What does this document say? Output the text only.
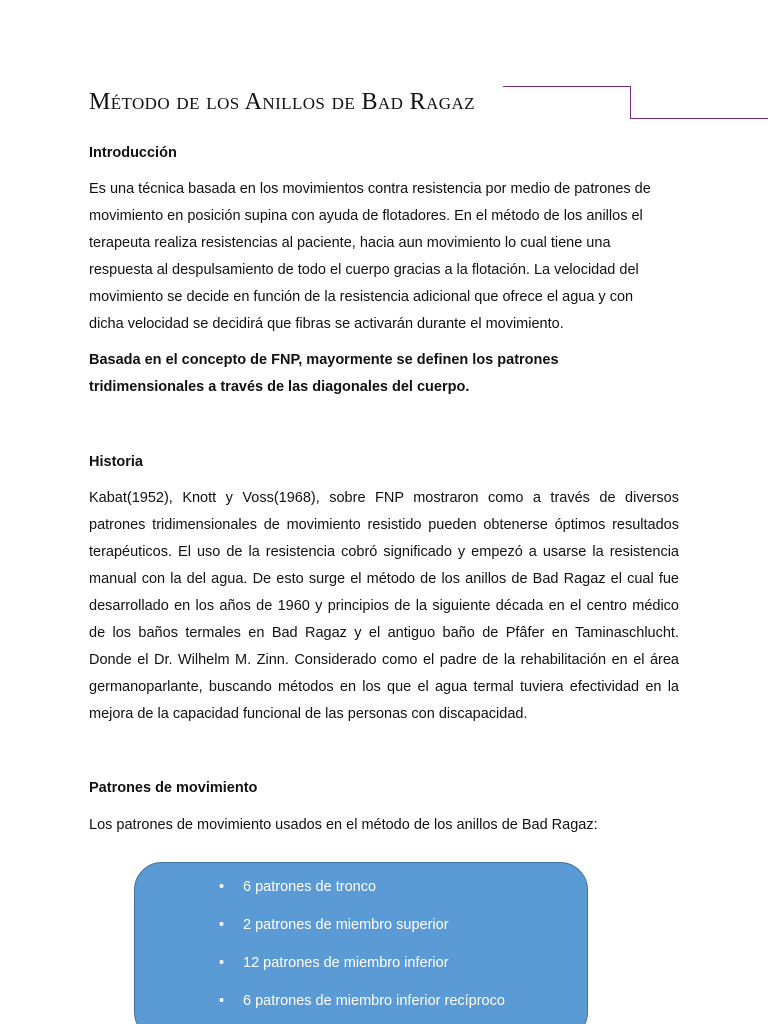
Método de los Anillos de Bad Ragaz
Introducción
Es una técnica basada en los movimientos contra resistencia por medio de patrones de
movimiento en posición supina con ayuda de flotadores. En el método de los anillos el
terapeuta realiza resistencias al paciente, hacia aun movimiento lo cual tiene una
respuesta al despulsamiento de todo el cuerpo gracias a la flotación. La velocidad del
movimiento se decide en función de la resistencia adicional que ofrece el agua y con
dicha velocidad se decidirá que fibras se activarán durante el movimiento.
Basada en el concepto de FNP, mayormente se definen los patrones
tridimensionales a través de las diagonales del cuerpo.
Historia
Kabat(1952), Knott y Voss(1968), sobre FNP mostraron como a través de diversos
patrones tridimensionales de movimiento resistido pueden obtenerse óptimos resultados
terapéuticos. El uso de la resistencia cobró significado y empezó a usarse la resistencia
manual con la del agua. De esto surge el método de los anillos de Bad Ragaz el cual fue
desarrollado en los años de 1960 y principios de la siguiente década en el centro médico
de los baños termales en Bad Ragaz y el antiguo baño de Pfâfer en Taminaschlucht.
Donde el Dr. Wilhelm M. Zinn. Considerado como el padre de la rehabilitación en el área
germanoparlante, buscando métodos en los que el agua termal tuviera efectividad en la
mejora de la capacidad funcional de las personas con discapacidad.
Patrones de movimiento
Los patrones de movimiento usados en el método de los anillos de Bad Ragaz:
• 6 patrones de tronco
• 2 patrones de miembro superior
• 12 patrones de miembro inferior
• 6 patrones de miembro inferior recíproco
